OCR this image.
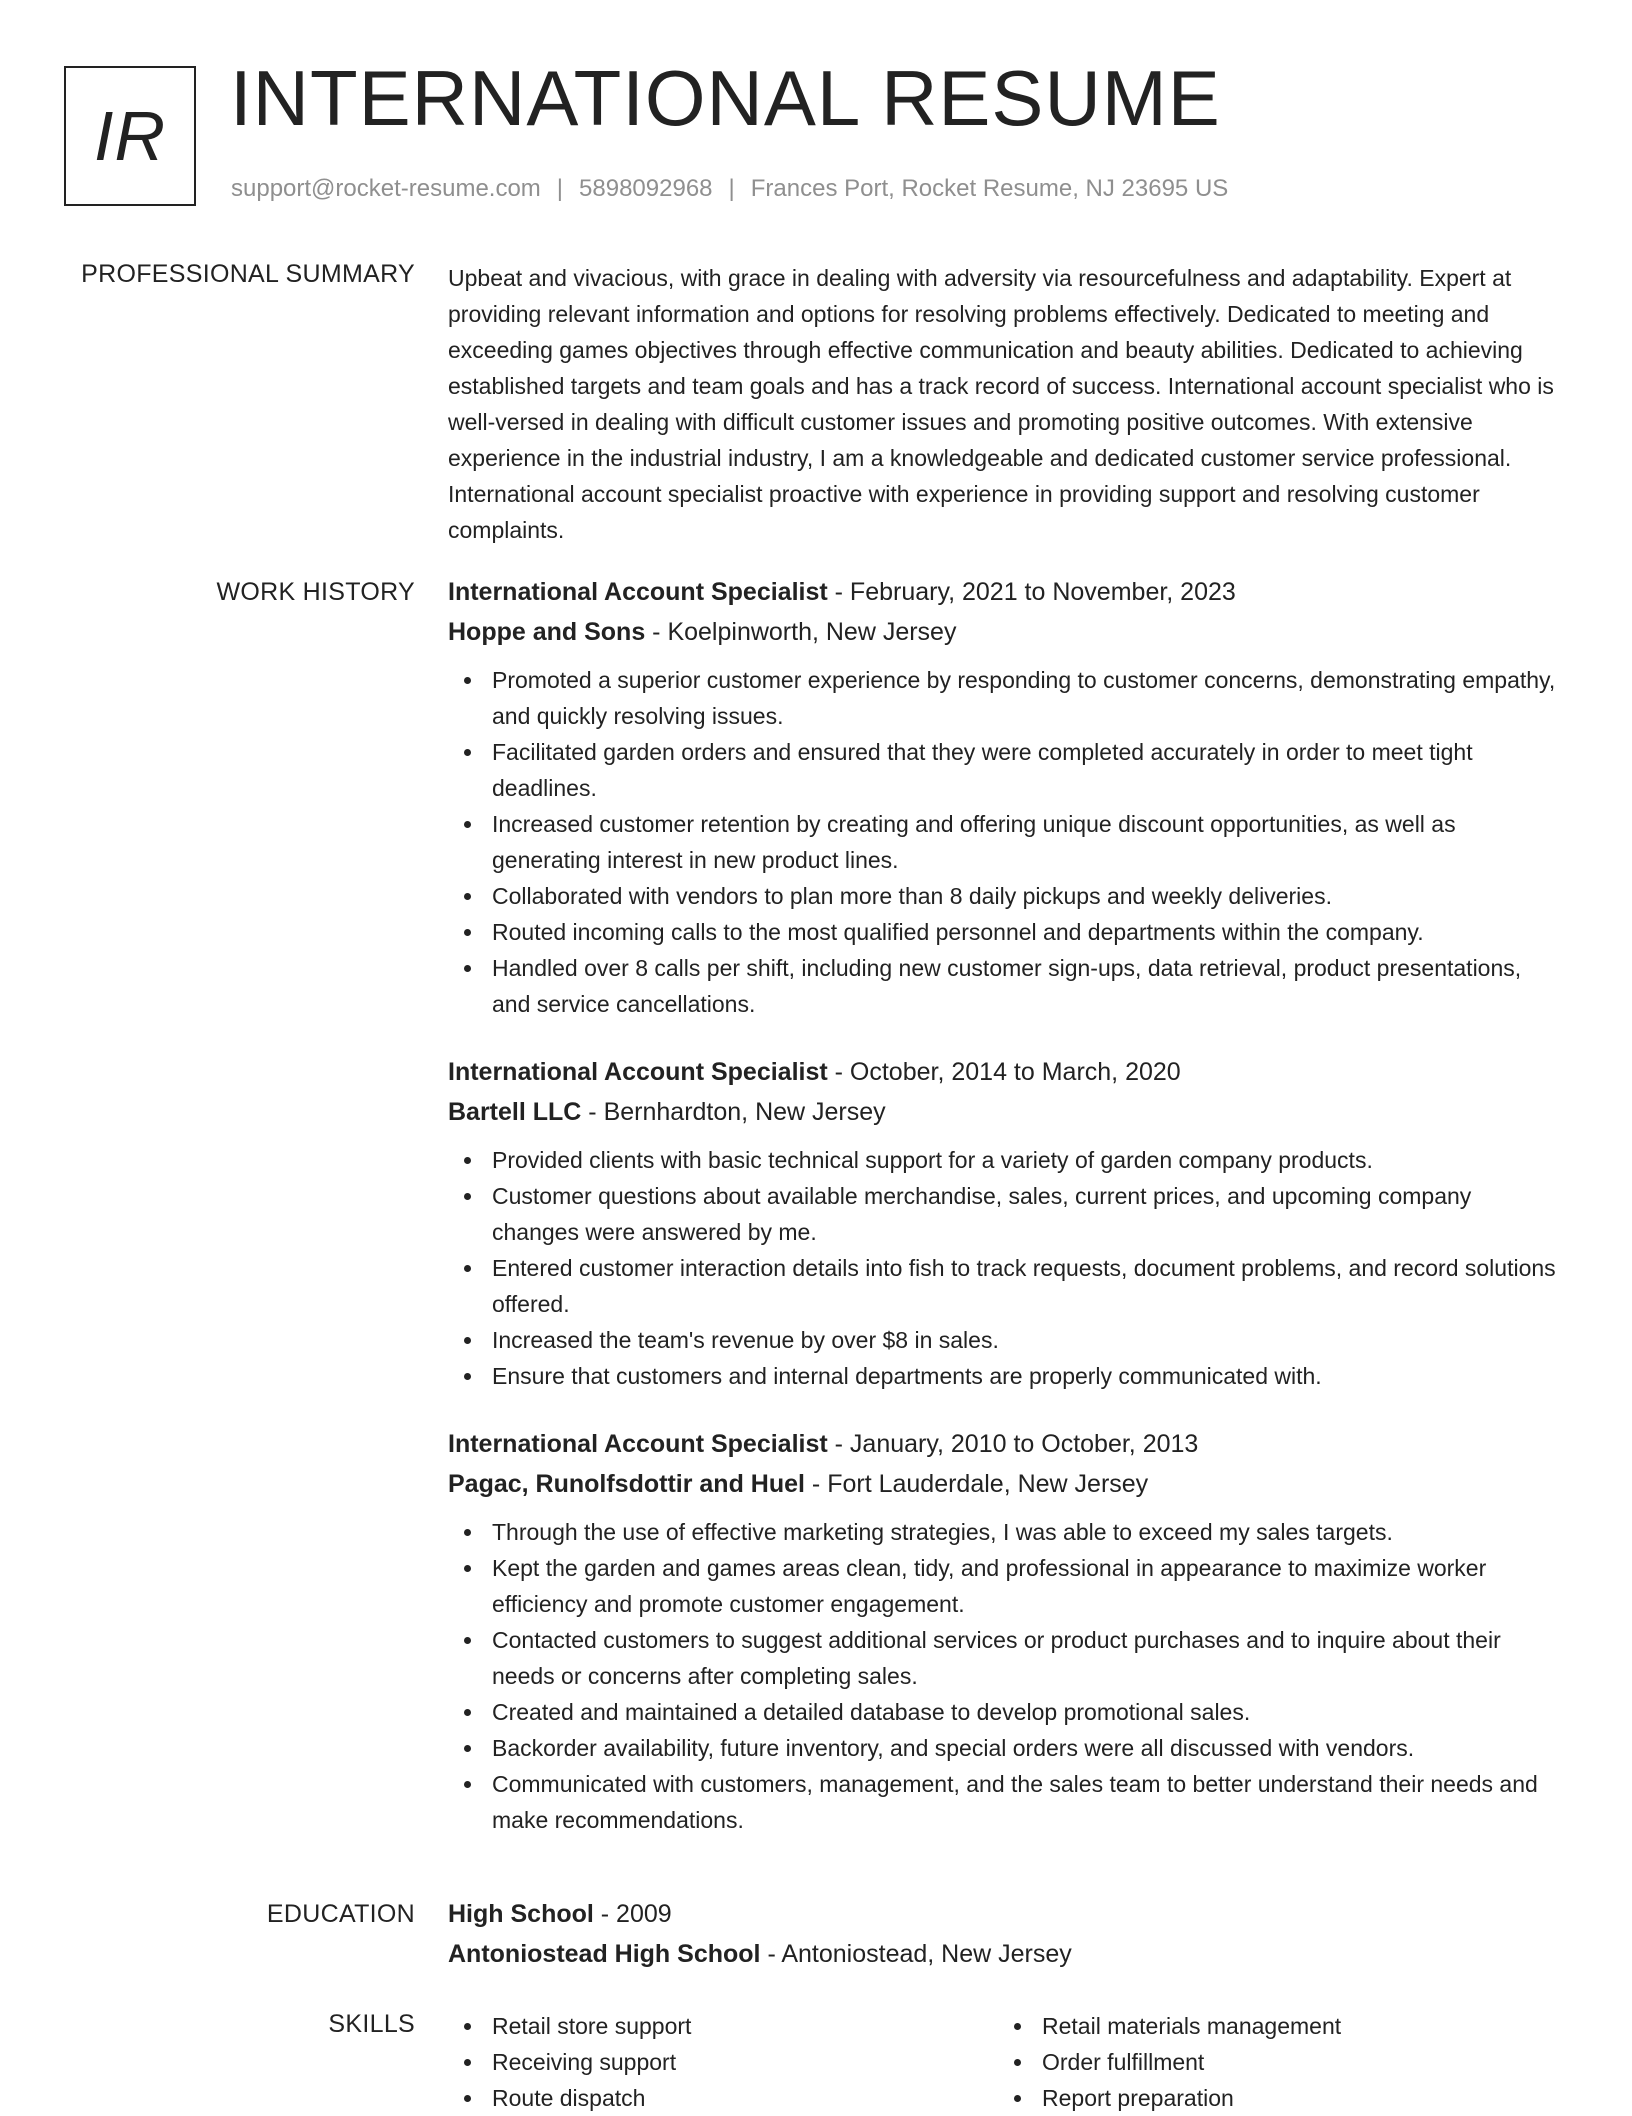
IR INTERNATIONAL RESUME
support@rocket-resume.com | 5898092968 | Frances Port, Rocket Resume, NJ 23695 US
PROFESSIONAL SUMMARY Upbeat and vivacious, with grace in dealing with adversity via resourcefulness and adaptability. Expert at providing relevant information and options for resolving problems effectively. Dedicated to meeting and exceeding games objectives through effective communication and beauty abilities. Dedicated to achieving established targets and team goals and has a track record of success. International account specialist who is well-versed in dealing with difficult customer issues and promoting positive outcomes. With extensive experience in the industrial industry, I am a knowledgeable and dedicated customer service professional. International account specialist proactive with experience in providing support and resolving customer complaints.

WORK HISTORY International Account Specialist - February, 2021 to November, 2023
Hoppe and Sons - Koelpinworth, New Jersey
Promoted a superior customer experience by responding to customer concerns, demonstrating empathy, and quickly resolving issues.
Facilitated garden orders and ensured that they were completed accurately in order to meet tight deadlines.
Increased customer retention by creating and offering unique discount opportunities, as well as generating interest in new product lines.
Collaborated with vendors to plan more than 8 daily pickups and weekly deliveries.
Routed incoming calls to the most qualified personnel and departments within the company.
Handled over 8 calls per shift, including new customer sign-ups, data retrieval, product presentations, and service cancellations.
International Account Specialist - October, 2014 to March, 2020
Bartell LLC - Bernhardton, New Jersey
Provided clients with basic technical support for a variety of garden company products.
Customer questions about available merchandise, sales, current prices, and upcoming company changes were answered by me.
Entered customer interaction details into fish to track requests, document problems, and record solutions offered.
Increased the team's revenue by over $8 in sales.
Ensure that customers and internal departments are properly communicated with.
International Account Specialist - January, 2010 to October, 2013
Pagac, Runolfsdottir and Huel - Fort Lauderdale, New Jersey
Through the use of effective marketing strategies, I was able to exceed my sales targets.
Kept the garden and games areas clean, tidy, and professional in appearance to maximize worker efficiency and promote customer engagement.
Contacted customers to suggest additional services or product purchases and to inquire about their needs or concerns after completing sales.
Created and maintained a detailed database to develop promotional sales.
Backorder availability, future inventory, and special orders were all discussed with vendors.
Communicated with customers, management, and the sales team to better understand their needs and make recommendations.
EDUCATION High School - 2009
Antoniostead High School - Antoniostead, New Jersey
SKILLS	Retail store support
Receiving support
Route dispatch
Retail materials management
Order fulfillment
Report preparation
